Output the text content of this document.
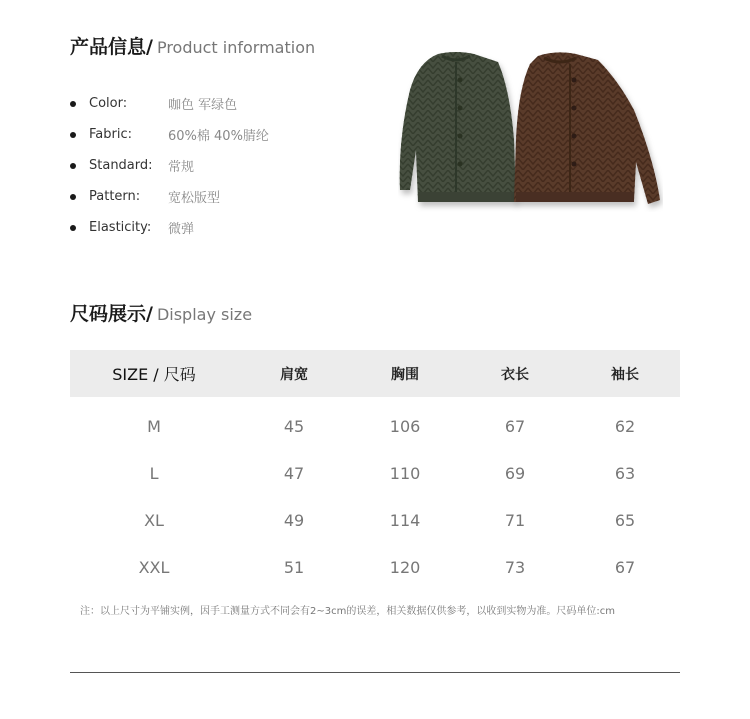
产品信息/ Product information
Color:	咖色 军绿色
Fabric:	60%棉 40%腈纶
Standard:	常规
Pattern:	宽松版型
Elasticity:	微弹
尺码展示/ Display size
SIZE / 尺码	肩宽	胸围	衣长	袖长
M	45	106	67	62
L	47	110	69	63
XL	49	114	71	65
XXL	51	120	73	67
注：以上尺寸为平铺实例，因手工测量方式不同会有2~3cm的误差，相关数据仅供参考，以收到实物为准。尺码单位:cm
